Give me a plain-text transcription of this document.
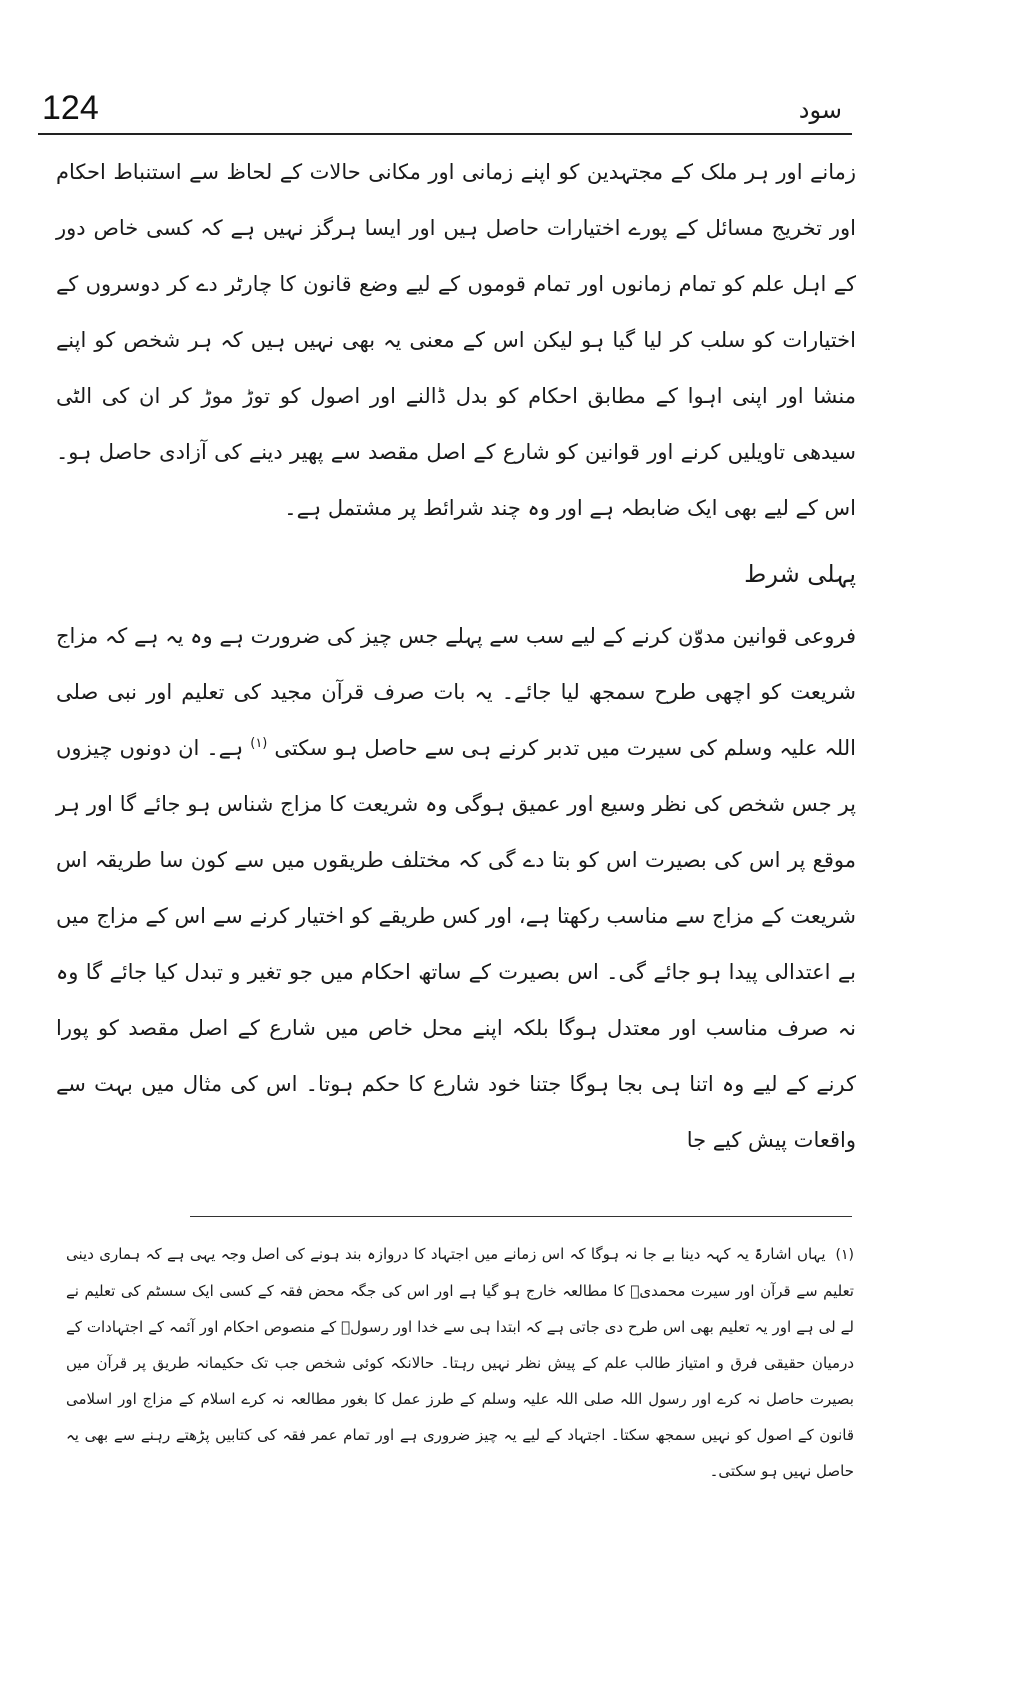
124	سود

زمانے اور ہر ملک کے مجتہدین کو اپنے زمانی اور مکانی حالات کے لحاظ سے استنباط احکام اور تخریج مسائل کے پورے اختیارات حاصل ہیں اور ایسا ہرگز نہیں ہے کہ کسی خاص دور کے اہل علم کو تمام زمانوں اور تمام قوموں کے لیے وضع قانون کا چارٹر دے کر دوسروں کے اختیارات کو سلب کر لیا گیا ہو لیکن اس کے معنی یہ بھی نہیں ہیں کہ ہر شخص کو اپنے منشا اور اپنی اہوا کے مطابق احکام کو بدل ڈالنے اور اصول کو توڑ موڑ کر ان کی الٹی سیدھی تاویلیں کرنے اور قوانین کو شارع کے اصل مقصد سے پھیر دینے کی آزادی حاصل ہو۔ اس کے لیے بھی ایک ضابطہ ہے اور وہ چند شرائط پر مشتمل ہے۔

پہلی شرط

فروعی قوانین مدوّن کرنے کے لیے سب سے پہلے جس چیز کی ضرورت ہے وہ یہ ہے کہ مزاج شریعت کو اچھی طرح سمجھ لیا جائے۔ یہ بات صرف قرآن مجید کی تعلیم اور نبی صلی اللہ علیہ وسلم کی سیرت میں تدبر کرنے ہی سے حاصل ہو سکتی $^{(۱)}$ ہے۔ ان دونوں چیزوں پر جس شخص کی نظر وسیع اور عمیق ہوگی وہ شریعت کا مزاج شناس ہو جائے گا اور ہر موقع پر اس کی بصیرت اس کو بتا دے گی کہ مختلف طریقوں میں سے کون سا طریقہ اس شریعت کے مزاج سے مناسب رکھتا ہے، اور کس طریقے کو اختیار کرنے سے اس کے مزاج میں بے اعتدالی پیدا ہو جائے گی۔ اس بصیرت کے ساتھ احکام میں جو تغیر و تبدل کیا جائے گا وہ نہ صرف مناسب اور معتدل ہوگا بلکہ اپنے محل خاص میں شارع کے اصل مقصد کو پورا کرنے کے لیے وہ اتنا ہی بجا ہوگا جتنا خود شارع کا حکم ہوتا۔ اس کی مثال میں بہت سے واقعات پیش کیے جا

(۱)یہاں اشارۃً یہ کہہ دینا بے جا نہ ہوگا کہ اس زمانے میں اجتہاد کا دروازہ بند ہونے کی اصل وجہ یہی ہے کہ ہماری دینی تعلیم سے قرآن اور سیرت محمدیؐ کا مطالعہ خارج ہو گیا ہے اور اس کی جگہ محض فقہ کے کسی ایک سسٹم کی تعلیم نے لے لی ہے اور یہ تعلیم بھی اس طرح دی جاتی ہے کہ ابتدا ہی سے خدا اور رسولؐ کے منصوص احکام اور آئمہ کے اجتہادات کے درمیان حقیقی فرق و امتیاز طالب علم کے پیش نظر نہیں رہتا۔ حالانکہ کوئی شخص جب تک حکیمانہ طریق پر قرآن میں بصیرت حاصل نہ کرے اور رسول اللہ صلی اللہ علیہ وسلم کے طرز عمل کا بغور مطالعہ نہ کرے اسلام کے مزاج اور اسلامی قانون کے اصول کو نہیں سمجھ سکتا۔ اجتہاد کے لیے یہ چیز ضروری ہے اور تمام عمر فقہ کی کتابیں پڑھتے رہنے سے بھی یہ حاصل نہیں ہو سکتی۔
